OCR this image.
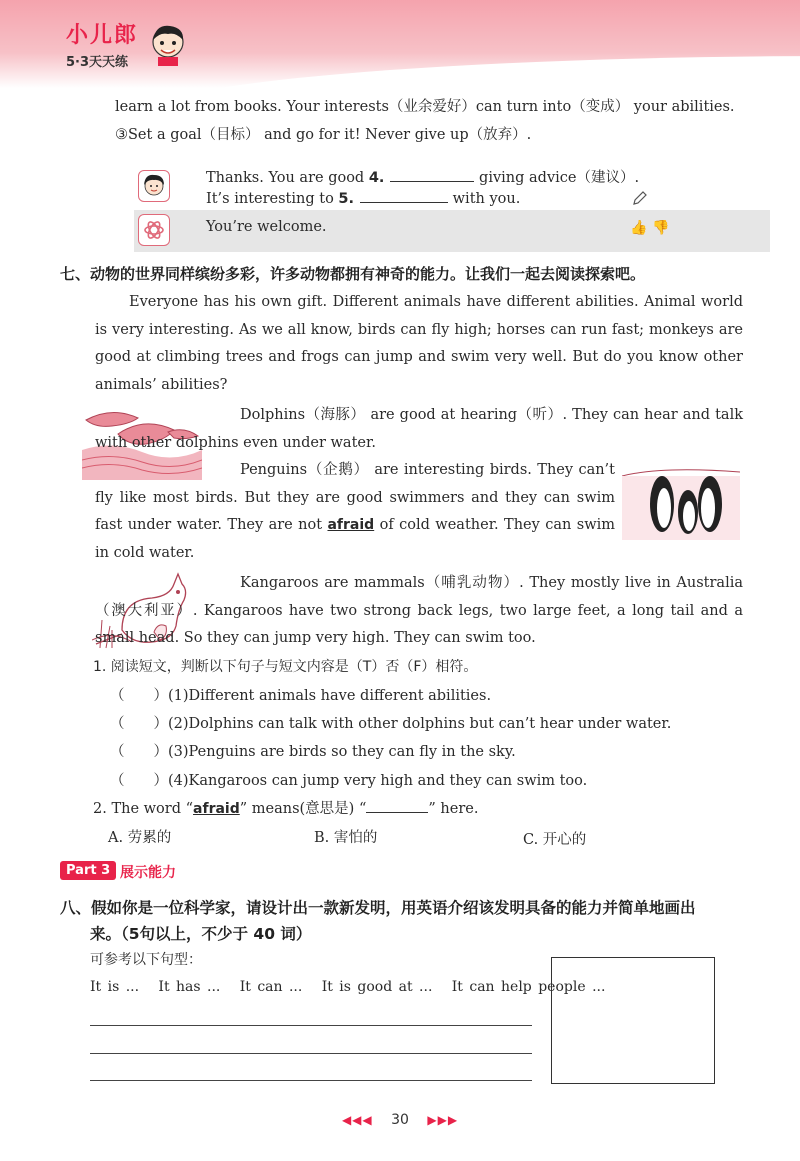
小儿郎
5·3天天练
learn a lot from books. Your interests（业余爱好）can turn into（变成） your abilities.
③Set a goal（目标） and go for it! Never give up（放弃）.
Thanks. You are good 4.	giving advice（建议）.
It’s interesting to 5.	with you.
You’re welcome.	👍 👎
七、动物的世界同样缤纷多彩，许多动物都拥有神奇的能力。让我们一起去阅读探索吧。
Everyone has his own gift. Different animals have different abilities. Animal world is very interesting. As we all know, birds can fly high; horses can run fast; monkeys are good at climbing trees and frogs can jump and swim very well. But do you know other animals’ abilities?
Dolphins（海豚） are good at hearing（听）. They can hear and talk with other dolphins even under water.
Penguins（企鹅） are interesting birds. They can’t fly like most birds. But they are good swimmers and they can swim fast under water. They are not afraid of cold weather. They can swim in cold water.
Kangaroos are mammals（哺乳动物）. They mostly live in Australia（澳大利亚）. Kangaroos have two strong back legs, two large feet, a long tail and a small head. So they can jump very high. They can swim too.
1. 阅读短文，判断以下句子与短文内容是（T）否（F）相符。
（　　）(1)Different animals have different abilities.
（　　）(2)Dolphins can talk with other dolphins but can’t hear under water.
（　　）(3)Penguins are birds so they can fly in the sky.
（　　）(4)Kangaroos can jump very high and they can swim too.
2. The word “afraid” means(意思是) “	” here.
A. 劳累的	B. 害怕的	C. 开心的
Part 3 展示能力
八、假如你是一位科学家，请设计出一款新发明，用英语介绍该发明具备的能力并简单地画出
来。（5句以上，不少于 40 词）
可参考以下句型：
It is ...   It has ...   It can ...   It is good at ...   It can help people ...
◀◀◀ 30 ▶▶▶
